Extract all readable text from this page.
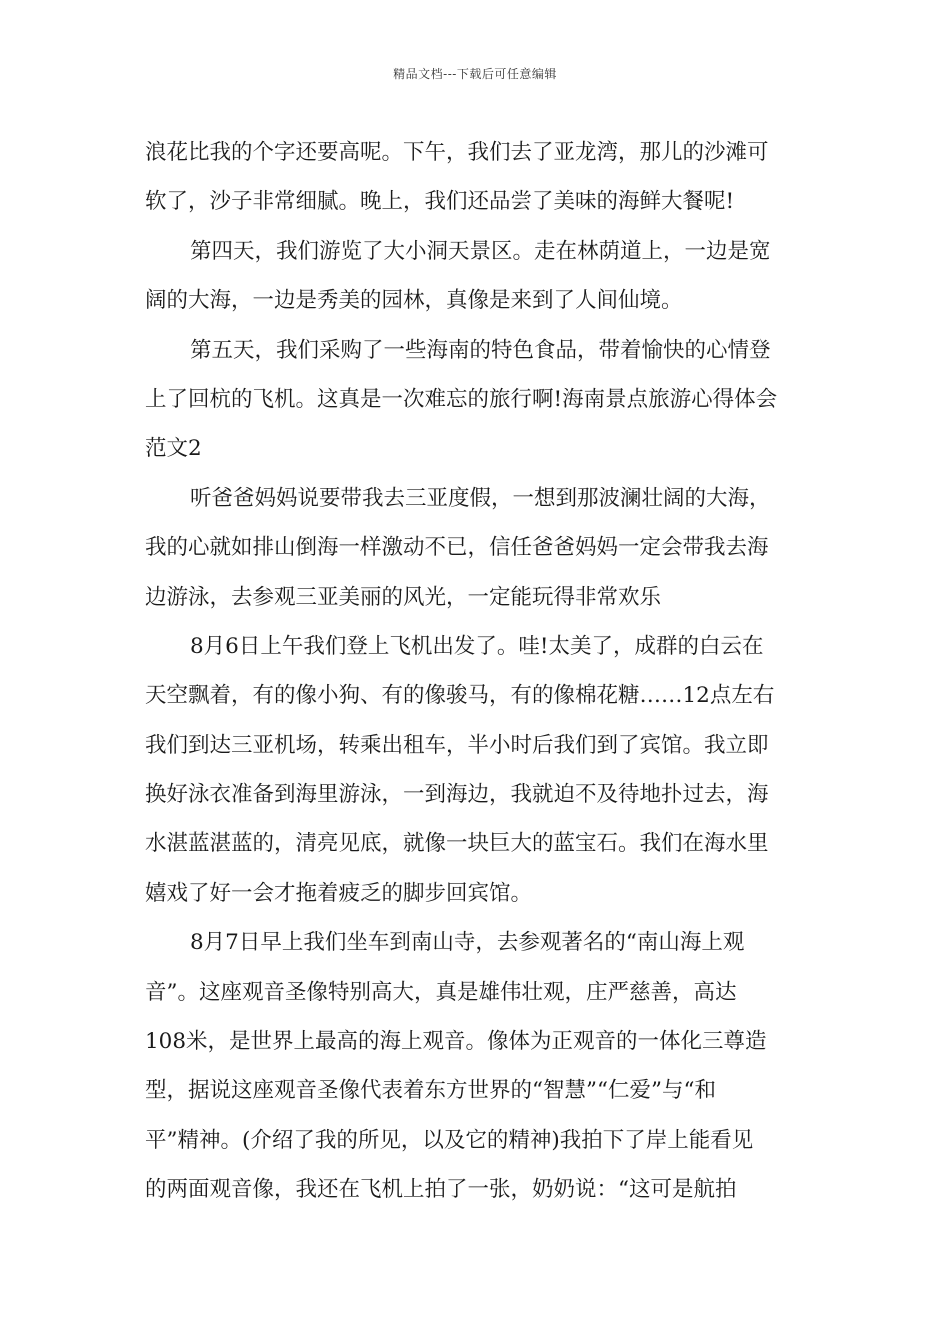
精品文档---下载后可任意编辑
浪花比我的个字还要高呢。下午，我们去了亚龙湾，那儿的沙滩可
软了，沙子非常细腻。晚上，我们还品尝了美味的海鲜大餐呢!
第四天，我们游览了大小洞天景区。走在林荫道上，一边是宽
阔的大海，一边是秀美的园林，真像是来到了人间仙境。
第五天，我们采购了一些海南的特色食品，带着愉快的心情登
上了回杭的飞机。这真是一次难忘的旅行啊!海南景点旅游心得体会
范文2
听爸爸妈妈说要带我去三亚度假，一想到那波澜壮阔的大海，
我的心就如排山倒海一样激动不已，信任爸爸妈妈一定会带我去海
边游泳，去参观三亚美丽的风光，一定能玩得非常欢乐
8月6日上午我们登上飞机出发了。哇!太美了，成群的白云在
天空飘着，有的像小狗、有的像骏马，有的像棉花糖……12点左右
我们到达三亚机场，转乘出租车，半小时后我们到了宾馆。我立即
换好泳衣准备到海里游泳，一到海边，我就迫不及待地扑过去，海
水湛蓝湛蓝的，清亮见底，就像一块巨大的蓝宝石。我们在海水里
嬉戏了好一会才拖着疲乏的脚步回宾馆。
8月7日早上我们坐车到南山寺，去参观著名的“南山海上观
音”。这座观音圣像特别高大，真是雄伟壮观，庄严慈善，高达
108米，是世界上最高的海上观音。像体为正观音的一体化三尊造
型，据说这座观音圣像代表着东方世界的“智慧”“仁爱”与“和
平”精神。(介绍了我的所见，以及它的精神)我拍下了岸上能看见
的两面观音像，我还在飞机上拍了一张，奶奶说：“这可是航拍
